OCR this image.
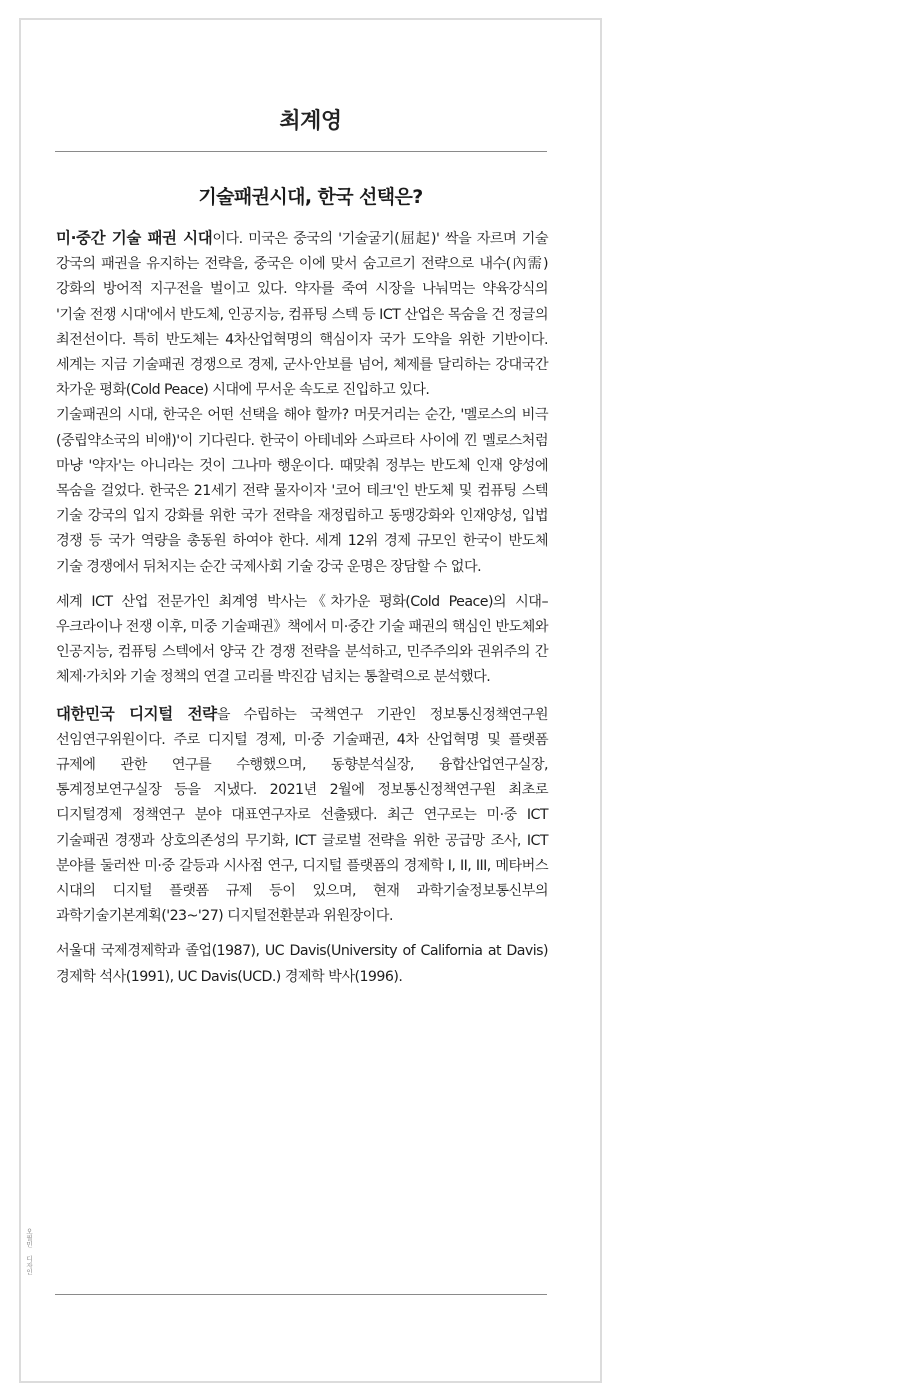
최계영
기술패권시대, 한국 선택은?

미·중간 기술 패권 시대이다. 미국은 중국의 '기술굴기(屈起)' 싹을 자르며 기술 강국의 패권을 유지하는 전략을, 중국은 이에 맞서 숨고르기 전략으로 내수(內需) 강화의 방어적 지구전을 벌이고 있다. 약자를 죽여 시장을 나눠먹는 약육강식의 '기술 전쟁 시대'에서 반도체, 인공지능, 컴퓨팅 스텍 등 ICT 산업은 목숨을 건 정글의 최전선이다. 특히 반도체는 4차산업혁명의 핵심이자 국가 도약을 위한 기반이다. 세계는 지금 기술패권 경쟁으로 경제, 군사·안보를 넘어, 체제를 달리하는 강대국간 차가운 평화(Cold Peace) 시대에 무서운 속도로 진입하고 있다.

기술패권의 시대, 한국은 어떤 선택을 해야 할까? 머뭇거리는 순간, '멜로스의 비극(중립약소국의 비애)'이 기다린다. 한국이 아테네와 스파르타 사이에 낀 멜로스처럼 마냥 '약자'는 아니라는 것이 그나마 행운이다. 때맞춰 정부는 반도체 인재 양성에 목숨을 걸었다. 한국은 21세기 전략 물자이자 '코어 테크'인 반도체 및 컴퓨팅 스텍 기술 강국의 입지 강화를 위한 국가 전략을 재정립하고 동맹강화와 인재양성, 입법 경쟁 등 국가 역량을 총동원 하여야 한다. 세계 12위 경제 규모인 한국이 반도체 기술 경쟁에서 뒤처지는 순간 국제사회 기술 강국 운명은 장담할 수 없다.

세계 ICT 산업 전문가인 최계영 박사는《차가운 평화(Cold Peace)의 시대–우크라이나 전쟁 이후, 미중 기술패권》책에서 미·중간 기술 패권의 핵심인 반도체와 인공지능, 컴퓨팅 스텍에서 양국 간 경쟁 전략을 분석하고, 민주주의와 권위주의 간 체제·가치와 기술 정책의 연결 고리를 박진감 넘치는 통찰력으로 분석했다.

대한민국 디지털 전략을 수립하는 국책연구 기관인 정보통신정책연구원 선임연구위원이다. 주로 디지털 경제, 미·중 기술패권, 4차 산업혁명 및 플랫폼 규제에 관한 연구를 수행했으며, 동향분석실장, 융합산업연구실장, 통계정보연구실장 등을 지냈다. 2021년 2월에 정보통신정책연구원 최초로 디지털경제 정책연구 분야 대표연구자로 선출됐다. 최근 연구로는 미·중 ICT 기술패권 경쟁과 상호의존성의 무기화, ICT 글로벌 전략을 위한 공급망 조사, ICT 분야를 둘러싼 미·중 갈등과 시사점 연구, 디지털 플랫폼의 경제학 I, II, III, 메타버스 시대의 디지털 플랫폼 규제 등이 있으며, 현재 과학기술정보통신부의 과학기술기본계획('23~'27) 디지털전환분과 위원장이다.

서울대 국제경제학과 졸업(1987), UC Davis(University of California at Davis) 경제학 석사(1991), UC Davis(UCD.) 경제학 박사(1996).

오필민 디자인
